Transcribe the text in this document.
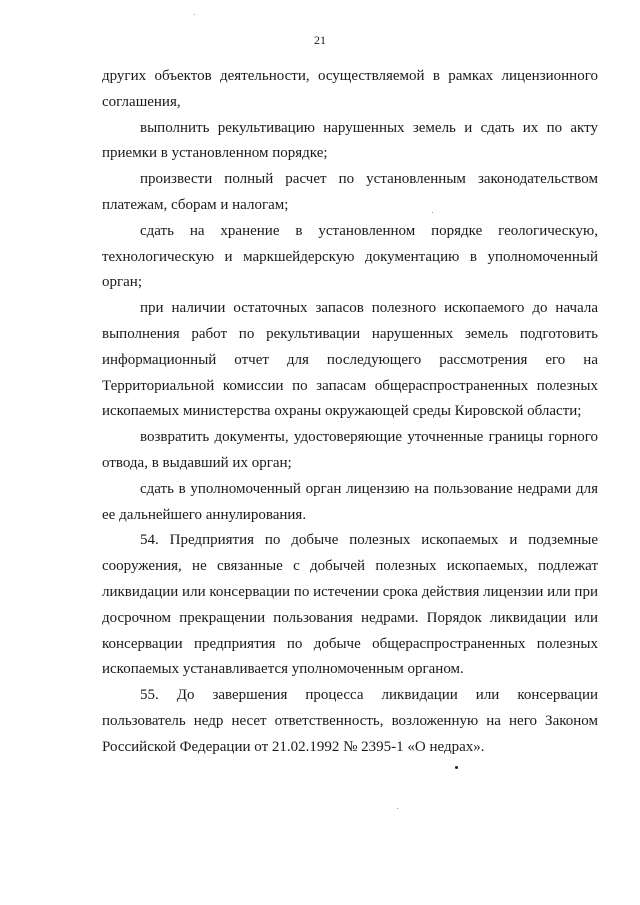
21

других объектов деятельности, осуществляемой в рамках лицензионного соглашения,

выполнить рекультивацию нарушенных земель и сдать их по акту приемки в установленном порядке;

произвести полный расчет по установленным законодательством платежам, сборам и налогам;

сдать на хранение в установленном порядке геологическую, технологическую и маркшейдерскую документацию в уполномоченный орган;

при наличии остаточных запасов полезного ископаемого до начала выполнения работ по рекультивации нарушенных земель подготовить информационный отчет для последующего рассмотрения его на Территориальной комиссии по запасам общераспространенных полезных ископаемых министерства охраны окружающей среды Кировской области;

возвратить документы, удостоверяющие уточненные границы горного отвода, в выдавший их орган;

сдать в уполномоченный орган лицензию на пользование недрами для ее дальнейшего аннулирования.

54. Предприятия по добыче полезных ископаемых и подземные сооружения, не связанные с добычей полезных ископаемых, подлежат ликвидации или консервации по истечении срока действия лицензии или при досрочном прекращении пользования недрами. Порядок ликвидации или консервации предприятия по добыче общераспространенных полезных ископаемых устанавливается уполномоченным органом.

55. До завершения процесса ликвидации или консервации пользователь недр несет ответственность, возложенную на него Законом Российской Федерации от 21.02.1992 № 2395-1 «О недрах».
